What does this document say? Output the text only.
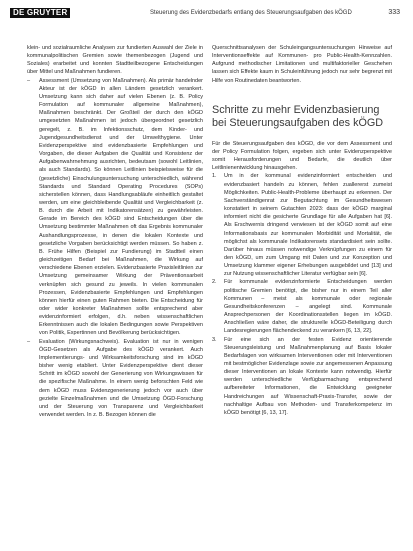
DE GRUYTER	Steuerung des Evidenzbedarfs entlang des Steuerungsaufgaben des kÖGD	333

klein- und sozialraumliche Analysen zur fundierten Auswahl der Ziele in kommunalpolitischen Gremien sowie themenbezogen (Jugend und Soziales) erarbeitet und konnten Stadtteilbezogene Entscheidungen über Mittel und Maßnahmen fundieren.

–	Assessment (Umsetzung von Maßnahmen). Als primär handelnder Akteur ist der kÖGD in allen Ländern gesetzlich verankert. Umsetzung kann sich daher auf vielen Ebenen (z. B. Policy Formulation auf kommunaler allgemeine Maßnahmen), Maßnahmen beschränkt. Der Großteil der durch den kÖGD umgesetzten Maßnahmen ist jedoch übergeordnet gesetzlich geregelt, z. B. im Infektionsschutz, dem Kinder- und Jugendgesundheitsdienst und der Umwelthygiene. Unter Evidenzperspektive sind evidenzbasierte Empfehlungen und Vorgaben, die dieser Aufgaben die Qualität und Konsistenz der Aufgabenwahrnehmung ausrichten, bedeutsam (sowohl Leitlinien, als auch Standards). So können Leitlinien beispielsweise für die (gesetzliche) Einschulungsuntersuchung unterschiedlich, während Standards und Standard Operating Procedures (SOPs) sicherstellen können, dass Handlungsabläufe einheitlich gestaltet werden, um eine gleichbleibende Qualität und Vergleichbarkeit (z. B. durch die Arbeit mit Indikatorensätzen) zu gewährleisten. Gerade im Bereich des kÖGD sind Entscheidungen über die Umsetzung bestimmter Maßnahmen oft das Ergebnis kommunaler Aushandlungsprozesse, in denen die lokalen Kontexte und gesetzliche Vorgaben berücksichtigt werden müssen. So haben z. B. Frühe Hilfen (Beispiel zur Fundierung) im Stadtteil einen gleichzeitigen Bedarf bei Maßnahmen, die Wirkung auf verschiedene Ebenen erzielen. Evidenzbasierte Praxisleitlinien zur Umsetzung gemeinsamer Wirkung der Präventionsarbeit verknüpfen sich gesund zu jeweils. In vielen kommunalen Prozessen, Evidenzbasierte Empfehlungen und Empfehlungen können hierfür einen guten Rahmen bieten. Die Entscheidung für oder wider konkreter Maßnahmen sollte entsprechend aber evidenzinformiert erfolgen, d.h. neben wissenschaftlichen Erkenntnissen auch die lokalen Bedingungen sowie Perspektiven von Politik, Expertinnen und Bevölkerung berücksichtigen.
–	Evaluation (Wirkungsnachweis). Evaluation ist nur in wenigen ÖGD-Gesetzen als Aufgabe des kÖGD verankert. Auch Implementierungs- und Wirksamkeitsforschung sind im kÖGD bisher wenig etabliert. Unter Evidenzperspektive dient dieser Schritt im kÖGD sowohl der Generierung von Wirkungswissen für die spezifische Maßnahme. In einem wenig beforschten Feld wie dem kÖGD muss Evidenzgenerierung jedoch vor auch über gezielte Einzelmaßnahmen und die Umsetzung ÖGD-Forschung und der Steuerung von Transparenz und Vergleichbarkeit verwendet werden. In z. B. Bezogen können die

Querschnittsanalysen der Schuleingangsuntersuchungen Hinweise auf Interventionseffekte auf Kommunen- pro Public-Health-Kennzahlen. Aufgrund methodischer Limitationen und multifaktorieller Geschehen lassen sich Effekte kaum in Schuleinführung jedoch nur sehr begrenzt mit Hilfe von Routinedaten beantworten.

Schritte zu mehr Evidenzbasierung bei Steuerungsaufgaben des kÖGD

Für die Steuerungsaufgaben des kÖGD, die vor dem Assessment und der Policy Formulation folgen, ergeben sich unter Evidenzperspektive somit Herausforderungen und Bedarfe, die deutlich über Leitlinienentwicklung hinausgehen.

1.	Um in der kommunal evidenzinformiert entscheiden und evidenzbasiert handeln zu können, fehlen zuallererst zumeist Möglichkeiten. Public-Health-Probleme überhaupt zu erkennen. Der Sachverständigenrat zur Begutachtung im Gesundheitswesen konstatiert in seinem Gutachten 2023: dass der kÖGD marginal informiert nicht die gesicherte Grundlage für alle Aufgaben hat [6]. Als Erschwernis dringend verwiesen ist der kÖGD somit auf eine Informationsbasis zur kommunalen Morbidität und Mortalität, die möglichst als kommunale Indikatorensets standardisiert sein sollte. Darüber hinaus müssen notwendige Verknüpfungen zu einem für den kÖGD, um zum Umgang mit Daten und zur Konzeption und Umsetzung klammer eigener Erhebungen ausgebildet und [13] und zur Nutzung wissenschaftlicher Literatur verfügbar sein [6].
2.	Für kommunale evidenzinformierte Entscheidungen werden politische Gremien benötigt, die bisher nur in einem Teil aller Kommunen – meist als kommunale oder regionale Gesundheitskonferenzen – angelegt sind. Kommunale Ansprechpersonen der Koordinationsstellen liegen im kÖGD. Anschließen wäre daher, die strukturelle kÖGD-Beteiligung durch Landesregierungen flächendeckend zu verankern [6, 13, 22].
3.	Für eine sich an der festen Evidenz orientierende Steuerungsleistung und Maßnahmenplanung auf Basis lokaler Bedarfslagen von wirksamen Interventionen oder mit Interventionen mit bestmöglicher Evidenzlage sowie zur angemessenen Anpassung dieser Interventionen an lokale Kontexte kann notwendig. Hierfür werden unterschiedliche Verfügbarmachung entsprechend aufbereiteter Informationen, die Entwicklung geeigneter Handreichungen auf Wissenschaft-Praxis-Transfer, sowie der nachhaltige Aufbau von Methoden- und Transferkompetenz im kÖGD benötigt [6, 13, 17].
